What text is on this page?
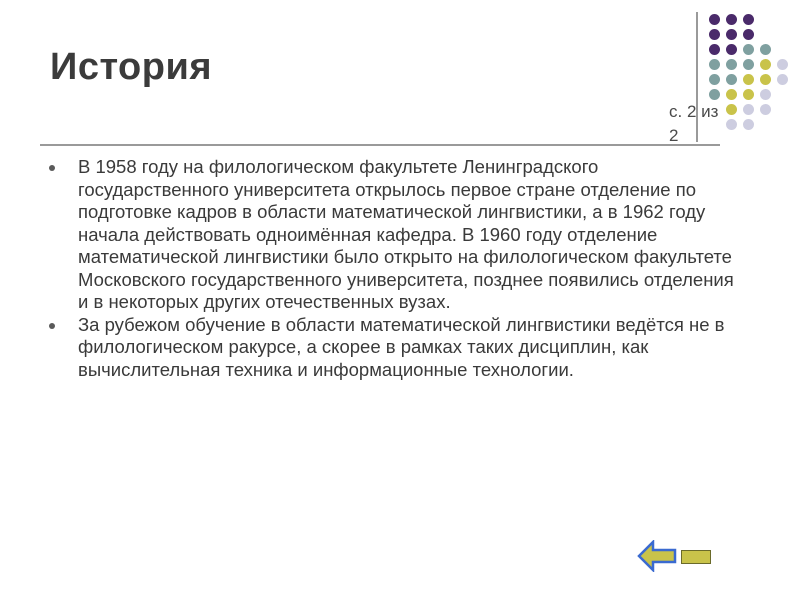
История
с. 2 из
2
В 1958 году на филологическом факультете Ленинградского государственного университета открылось первое стране отделение по подготовке кадров в области математической лингвистики, а в 1962 году начала действовать одноимённая кафедра. В 1960 году отделение математической лингвистики было открыто на филологическом факультете Московского государственного университета, позднее появились отделения и в некоторых других отечественных вузах.
За рубежом обучение в области математической лингвистики ведётся не в филологическом ракурсе, а скорее в рамках таких дисциплин, как вычислительная техника и информационные технологии.
